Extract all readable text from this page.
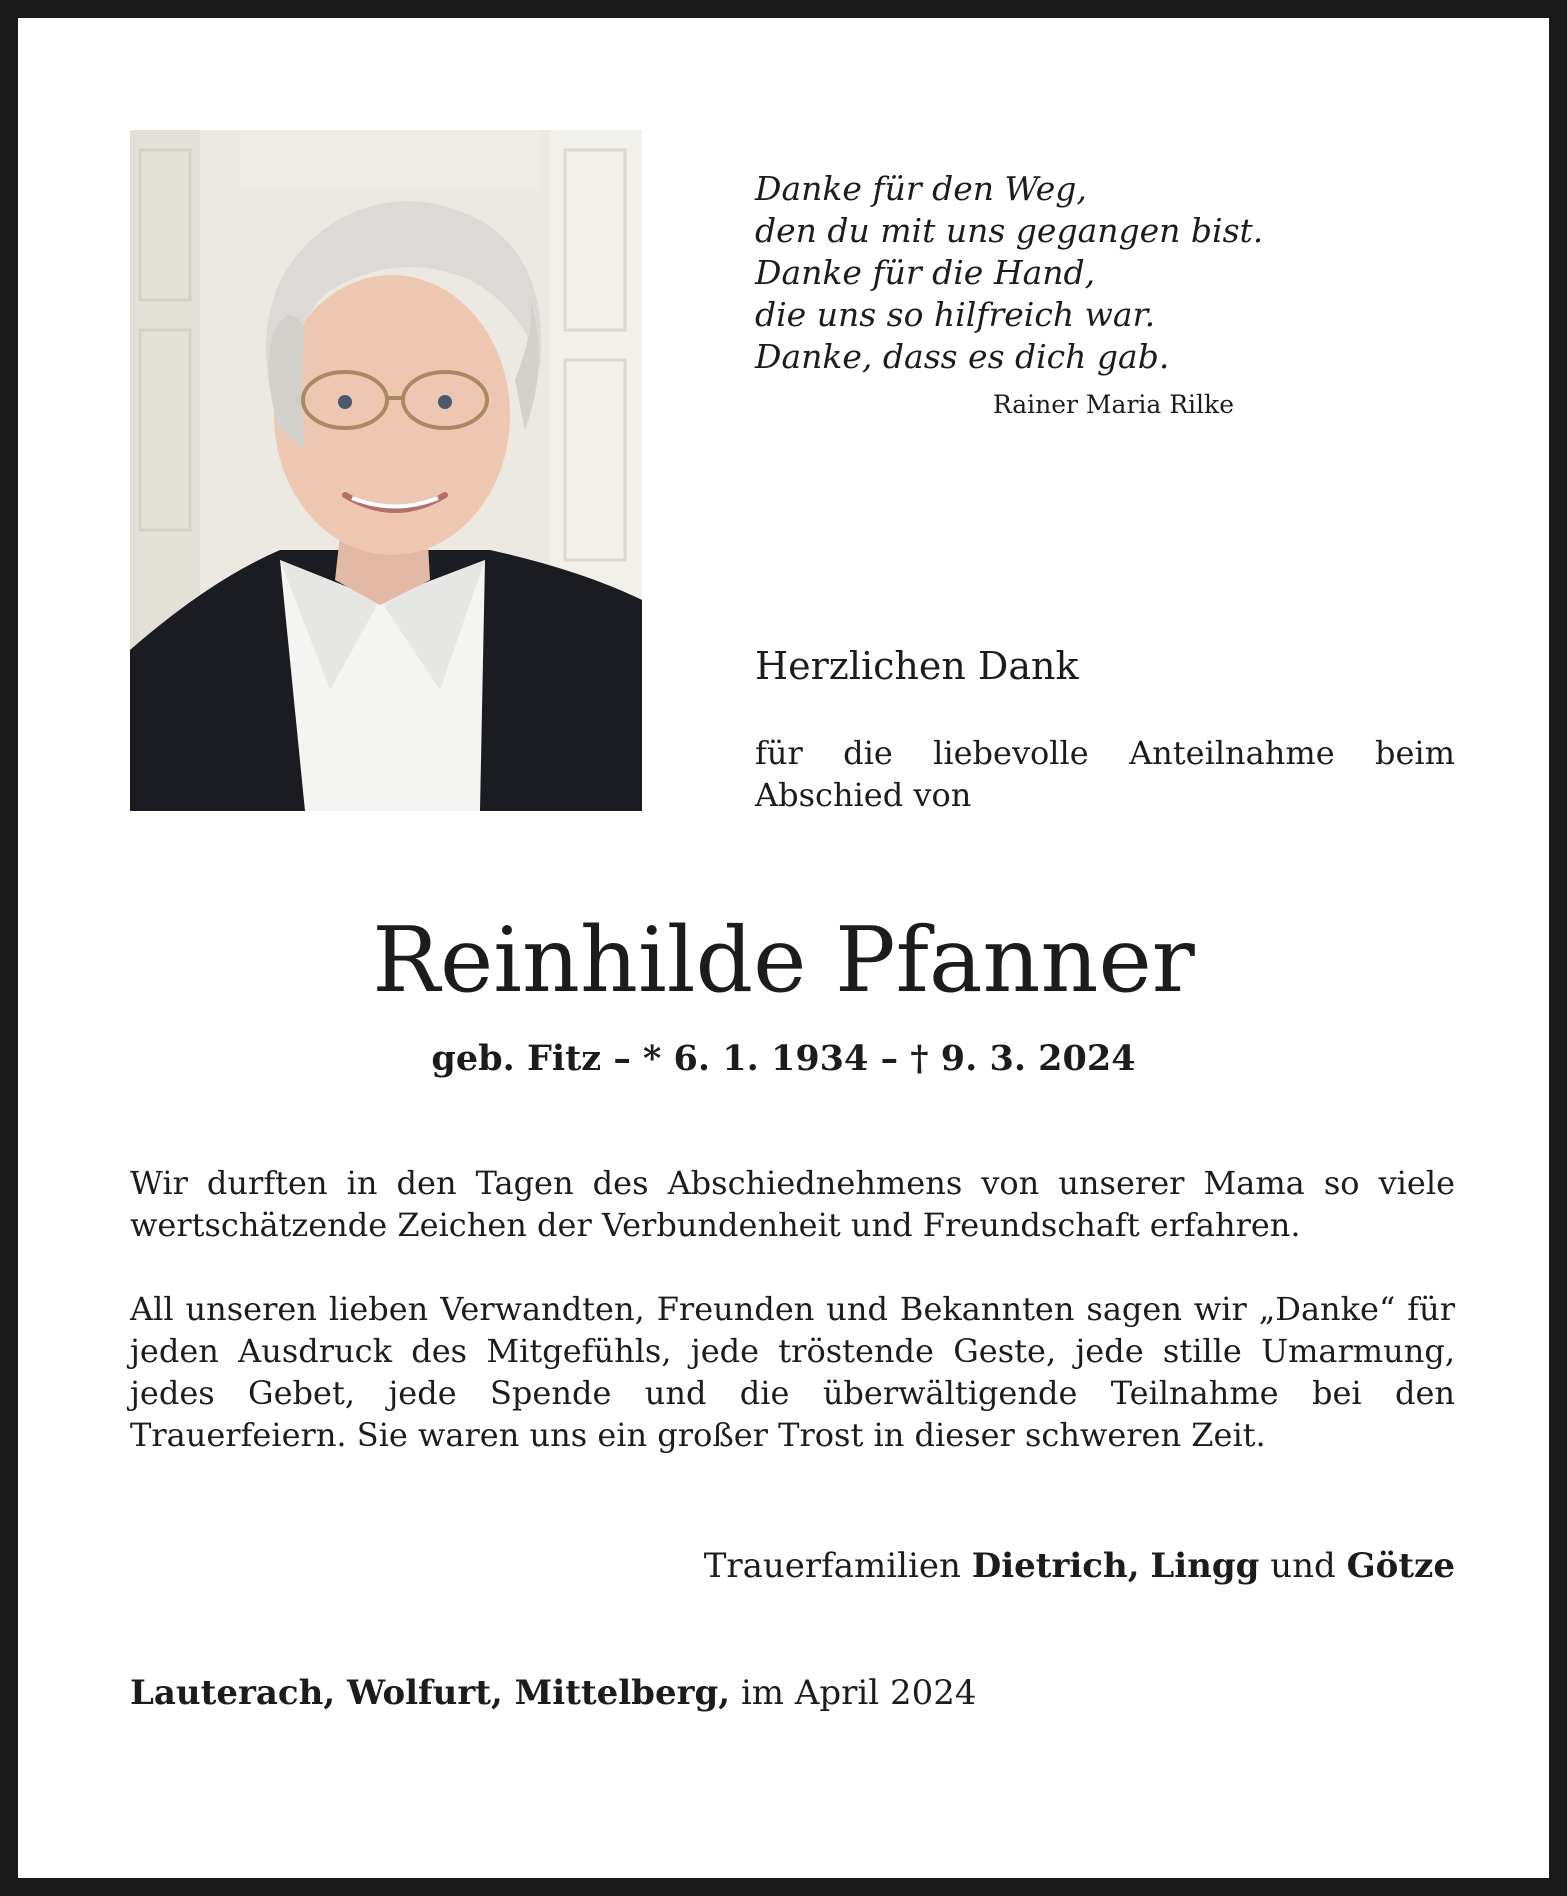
Danke für den Weg,
den du mit uns gegangen bist.
Danke für die Hand,
die uns so hilfreich war.
Danke, dass es dich gab.
Rainer Maria Rilke
Herzlichen Dank
für die liebevolle Anteilnahme beim Abschied von
Reinhilde Pfanner
geb. Fitz – * 6. 1. 1934 – † 9. 3. 2024
Wir durften in den Tagen des Abschiednehmens von unserer Mama so viele wertschätzende Zeichen der Verbundenheit und Freundschaft erfahren.
All unseren lieben Verwandten, Freunden und Bekannten sagen wir „Danke“ für jeden Ausdruck des Mitgefühls, jede tröstende Geste, jede stille Umarmung, jedes Gebet, jede Spende und die überwältigende Teilnahme bei den Trauerfeiern. Sie waren uns ein großer Trost in dieser schweren Zeit.
Trauerfamilien Dietrich, Lingg und Götze
Lauterach, Wolfurt, Mittelberg, im April 2024
